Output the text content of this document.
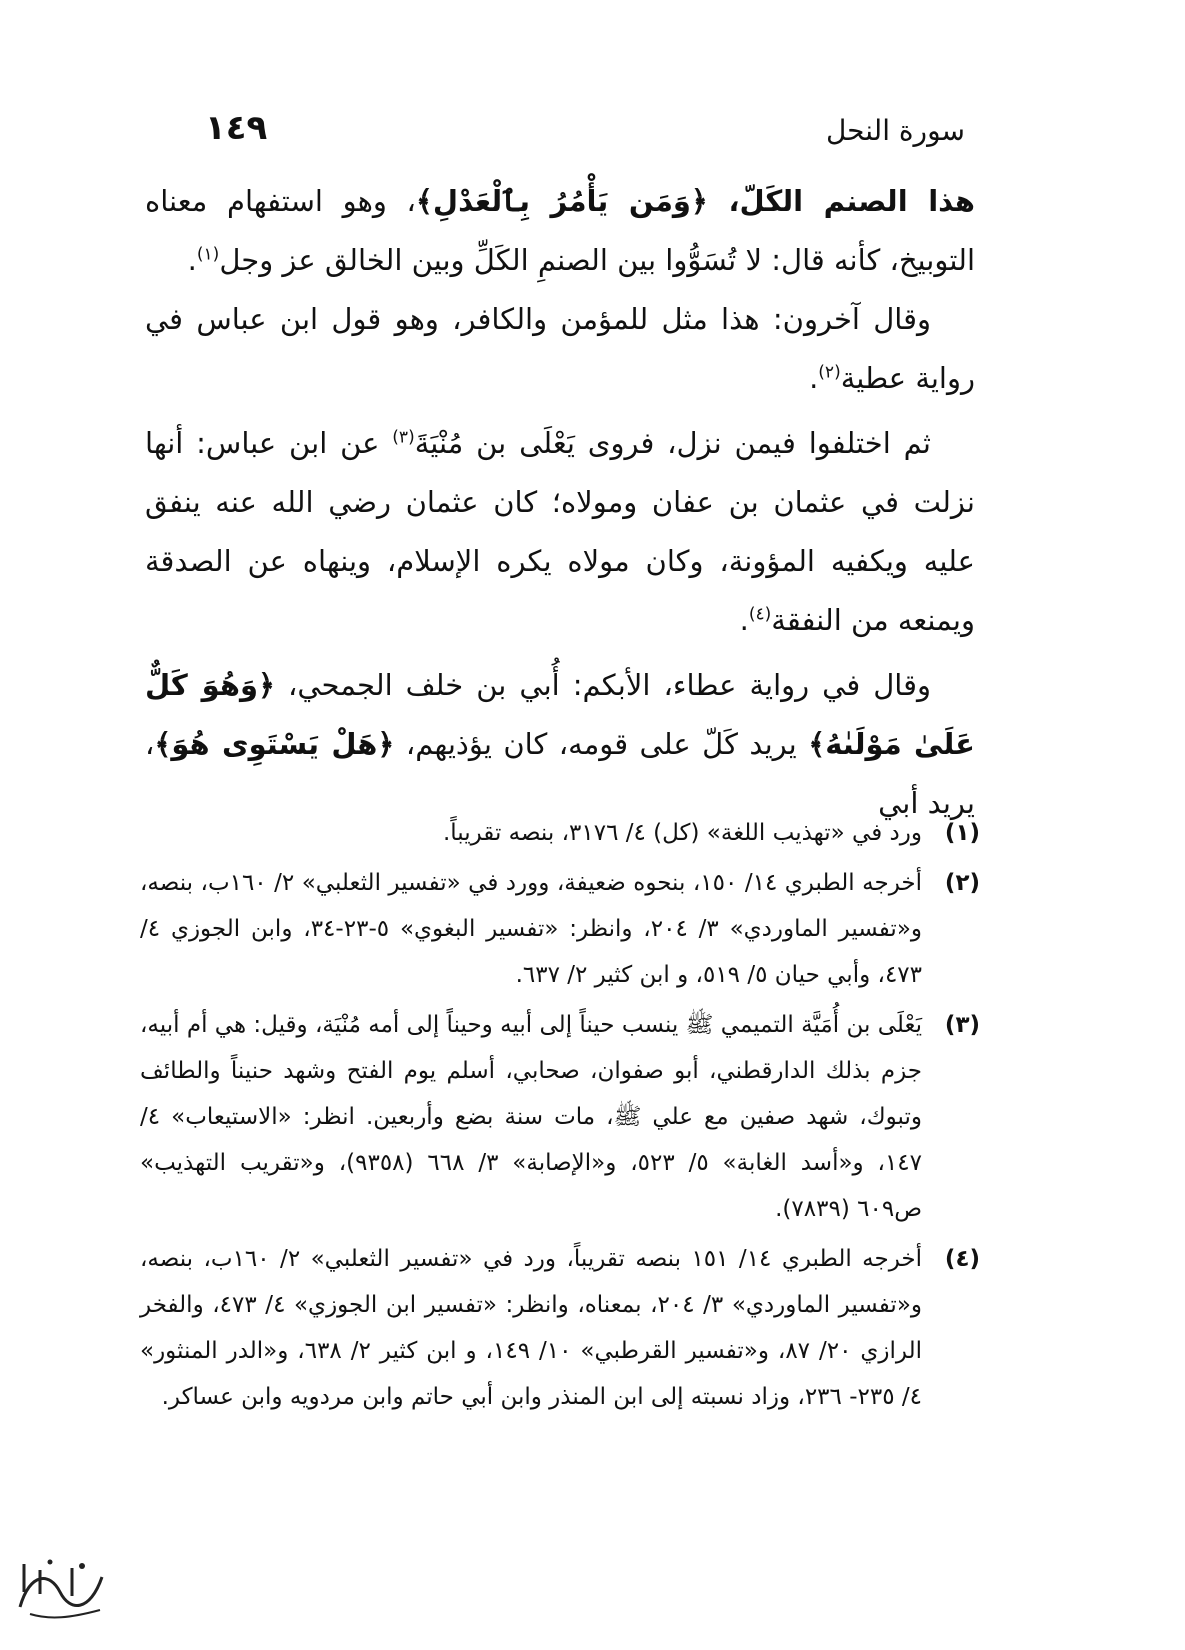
١٤٩	سورة النحل

هذا الصنم الكَلّ، ﴿وَمَن يَأْمُرُ بِٱلْعَدْلِ﴾، وهو استفهام معناه التوبيخ، كأنه قال: لا تُسَوُّوا بين الصنمِ الكَلِّ وبين الخالق عز وجل$^{(١)}$.

وقال آخرون: هذا مثل للمؤمن والكافر، وهو قول ابن عباس في رواية عطية$^{(٢)}$.

ثم اختلفوا فيمن نزل، فروى يَعْلَى بن مُنْيَةَ$^{(٣)}$ عن ابن عباس: أنها نزلت في عثمان بن عفان ومولاه؛ كان عثمان رضي الله عنه ينفق عليه ويكفيه المؤونة، وكان مولاه يكره الإسلام، وينهاه عن الصدقة ويمنعه من النفقة$^{(٤)}$.

وقال في رواية عطاء، الأبكم: أُبي بن خلف الجمحي، ﴿وَهُوَ كَلٌّ عَلَىٰ مَوْلَىٰهُ﴾ يريد كَلّ على قومه، كان يؤذيهم، ﴿هَلْ يَسْتَوِى هُوَ﴾، يريد أبي

(١)
ورد في «تهذيب اللغة» (كل) ٤/ ٣١٧٦، بنصه تقريباً.
(٢)
أخرجه الطبري ١٤/ ١٥٠، بنحوه ضعيفة، وورد في «تفسير الثعلبي» ٢/ ١٦٠ب، بنصه، و«تفسير الماوردي» ٣/ ٢٠٤، وانظر: «تفسير البغوي» ٥-٢٣-٣٤، وابن الجوزي ٤/ ٤٧٣، وأبي حيان ٥/ ٥١٩، و ابن كثير ٢/ ٦٣٧.
(٣)
يَعْلَى بن أُمَيَّة التميمي ﷺ ينسب حيناً إلى أبيه وحيناً إلى أمه مُنْيَة، وقيل: هي أم أبيه، جزم بذلك الدارقطني، أبو صفوان، صحابي، أسلم يوم الفتح وشهد حنيناً والطائف وتبوك، شهد صفين مع علي ﷺ، مات سنة بضع وأربعين. انظر: «الاستيعاب» ٤/ ١٤٧، و«أسد الغابة» ٥/ ٥٢٣، و«الإصابة» ٣/ ٦٦٨ (٩٣٥٨)، و«تقريب التهذيب» ص٦٠٩ (٧٨٣٩).
(٤)
أخرجه الطبري ١٤/ ١٥١ بنصه تقريباً، ورد في «تفسير الثعلبي» ٢/ ١٦٠ب، بنصه، و«تفسير الماوردي» ٣/ ٢٠٤، بمعناه، وانظر: «تفسير ابن الجوزي» ٤/ ٤٧٣، والفخر الرازي ٢٠/ ٨٧، و«تفسير القرطبي» ١٠/ ١٤٩، و ابن كثير ٢/ ٦٣٨، و«الدر المنثور» ٤/ ٢٣٥- ٢٣٦، وزاد نسبته إلى ابن المنذر وابن أبي حاتم وابن مردويه وابن عساكر.
